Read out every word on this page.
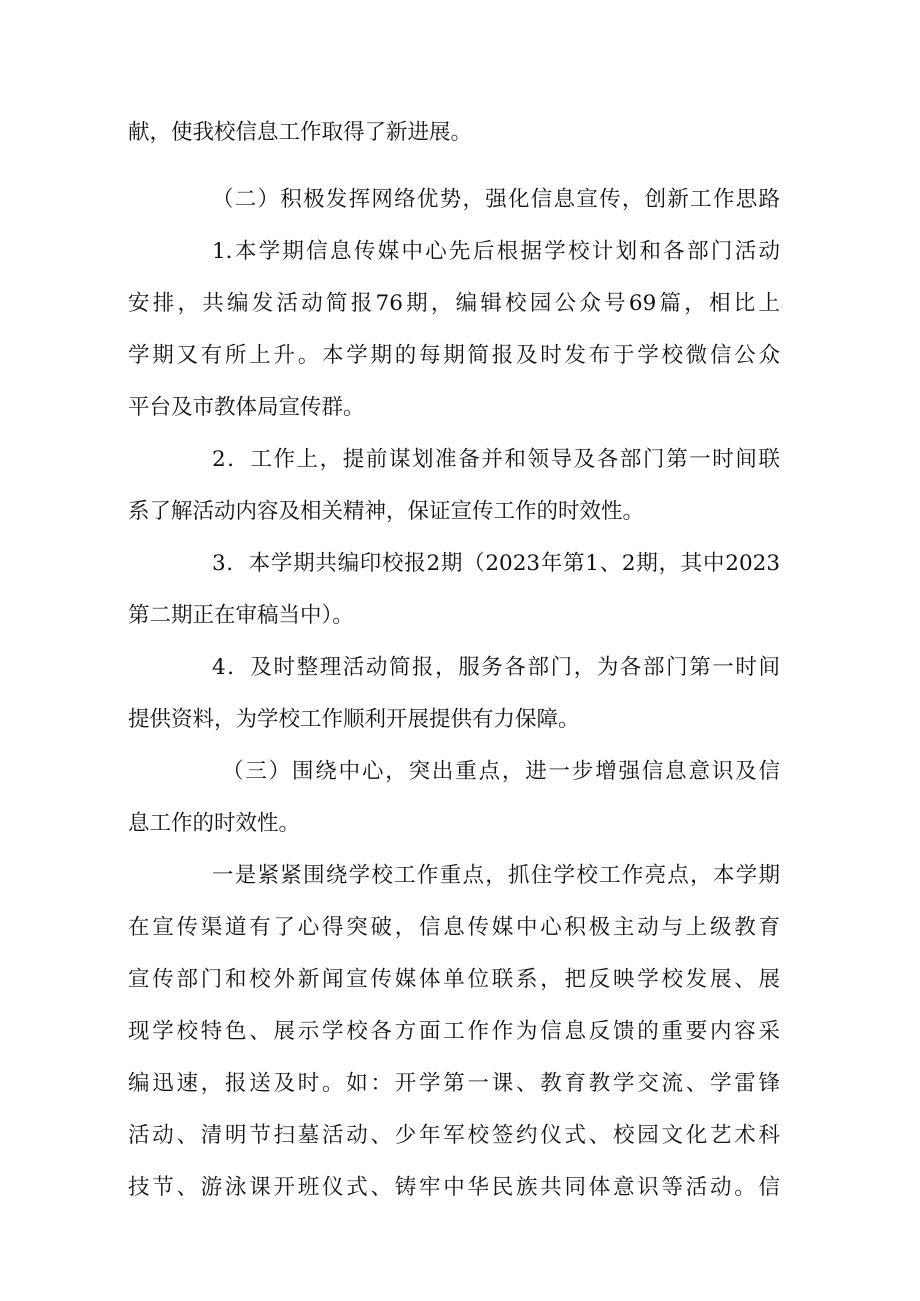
献，使我校信息工作取得了新进展。
（二）积极发挥网络优势，强化信息宣传，创新工作思路
1.本学期信息传媒中心先后根据学校计划和各部门活动
安排，共编发活动简报76期，编辑校园公众号69篇，相比上
学期又有所上升。本学期的每期简报及时发布于学校微信公众
平台及市教体局宣传群。
2．工作上，提前谋划准备并和领导及各部门第一时间联
系了解活动内容及相关精神，保证宣传工作的时效性。
3．本学期共编印校报2期（2023年第1、2期，其中2023
第二期正在审稿当中）。
4．及时整理活动简报，服务各部门，为各部门第一时间
提供资料，为学校工作顺利开展提供有力保障。
（三）围绕中心，突出重点，进一步增强信息意识及信
息工作的时效性。
一是紧紧围绕学校工作重点，抓住学校工作亮点，本学期
在宣传渠道有了心得突破，信息传媒中心积极主动与上级教育
宣传部门和校外新闻宣传媒体单位联系，把反映学校发展、展
现学校特色、展示学校各方面工作作为信息反馈的重要内容采
编迅速，报送及时。如：开学第一课、教育教学交流、学雷锋
活动、清明节扫墓活动、少年军校签约仪式、校园文化艺术科
技节、游泳课开班仪式、铸牢中华民族共同体意识等活动。信
